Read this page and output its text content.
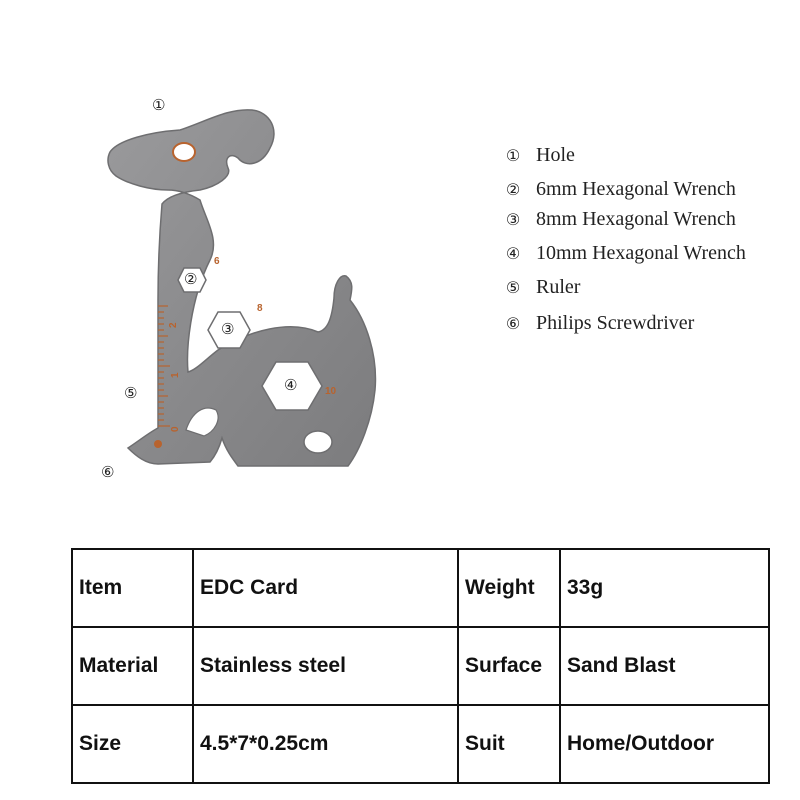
6
8
10
2
1
0
①
②
③
④
⑤
⑥
① Hole
② 6mm Hexagonal Wrench
③ 8mm Hexagonal Wrench
④ 10mm Hexagonal Wrench
⑤ Ruler
⑥ Philips Screwdriver
Item	EDC Card	Weight	33g
Material	Stainless steel	Surface	Sand Blast
Size	4.5*7*0.25cm	Suit	Home/Outdoor
